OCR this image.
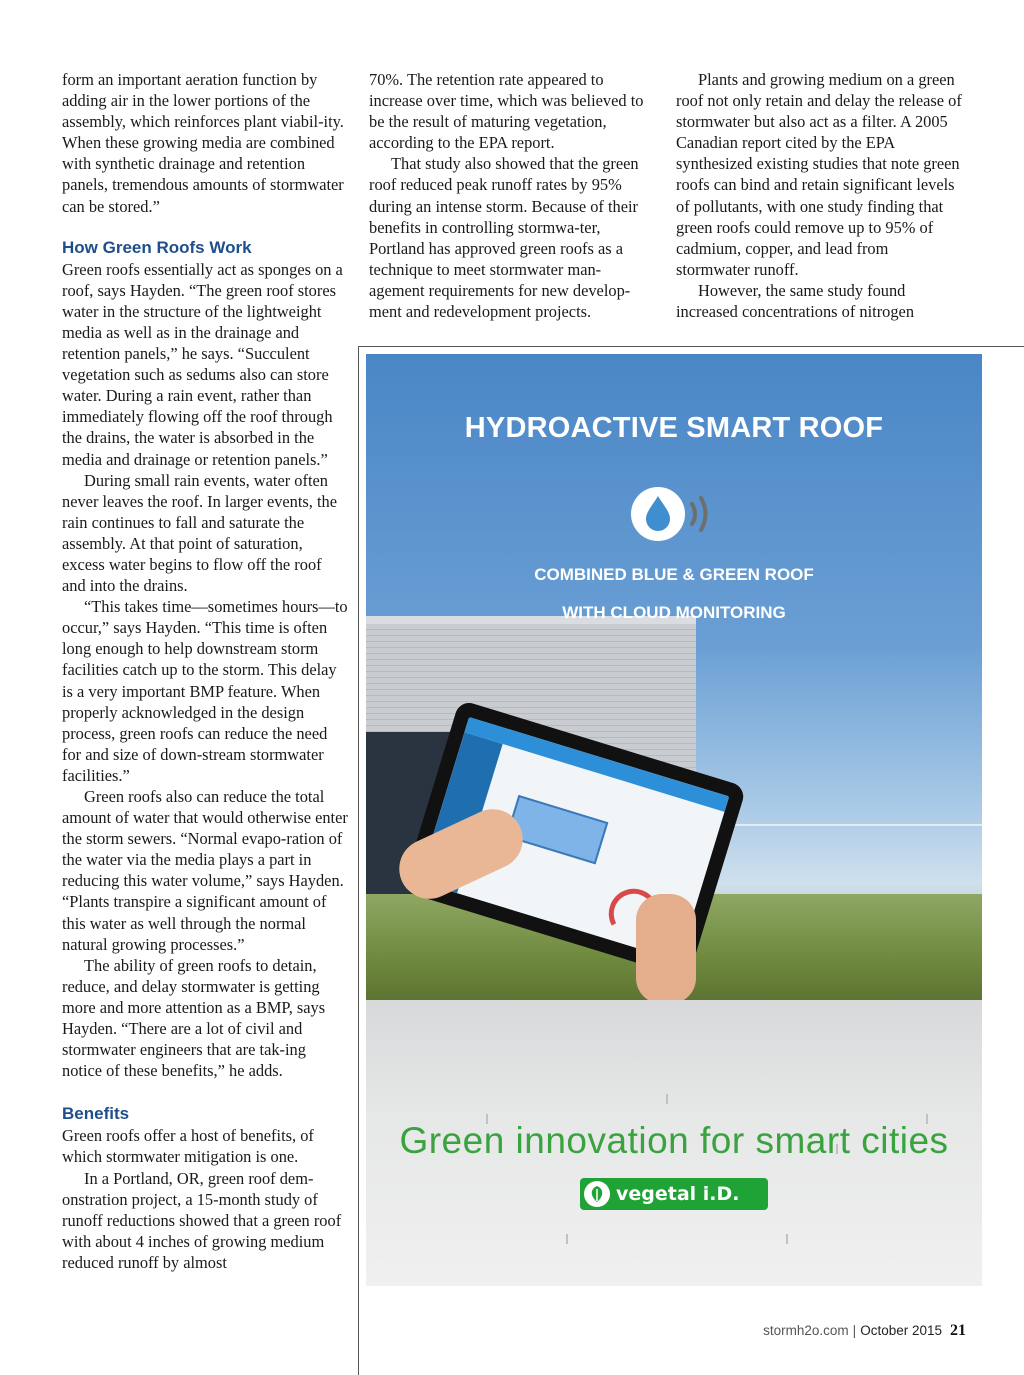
form an important aeration function by adding air in the lower portions of the assembly, which reinforces plant viabil-ity. When these growing media are combined with synthetic drainage and retention panels, tremendous amounts of stormwater can be stored.”

How Green Roofs Work

Green roofs essentially act as sponges on a roof, says Hayden. “The green roof stores water in the structure of the lightweight media as well as in the drainage and retention panels,” he says. “Succulent vegetation such as sedums also can store water. During a rain event, rather than immediately flowing off the roof through the drains, the water is absorbed in the media and drainage or retention panels.”

During small rain events, water often never leaves the roof. In larger events, the rain continues to fall and saturate the assembly. At that point of saturation, excess water begins to flow off the roof and into the drains.

“This takes time—sometimes hours—to occur,” says Hayden. “This time is often long enough to help downstream storm facilities catch up to the storm. This delay is a very important BMP feature. When properly acknowledged in the design process, green roofs can reduce the need for and size of down-stream stormwater facilities.”

Green roofs also can reduce the total amount of water that would otherwise enter the storm sewers. “Normal evapo-ration of the water via the media plays a part in reducing this water volume,” says Hayden. “Plants transpire a significant amount of this water as well through the normal natural growing processes.”

The ability of green roofs to detain, reduce, and delay stormwater is getting more and more attention as a BMP, says Hayden. “There are a lot of civil and stormwater engineers that are tak-ing notice of these benefits,” he adds.

Benefits

Green roofs offer a host of benefits, of which stormwater mitigation is one.

In a Portland, OR, green roof dem-onstration project, a 15-month study of runoff reductions showed that a green roof with about 4 inches of growing medium reduced runoff by almost

70%. The retention rate appeared to increase over time, which was believed to be the result of maturing vegetation, according to the EPA report.

That study also showed that the green roof reduced peak runoff rates by 95% during an intense storm. Because of their benefits in controlling stormwa-ter, Portland has approved green roofs as a technique to meet stormwater man-agement requirements for new develop-ment and redevelopment projects.

Plants and growing medium on a green roof not only retain and delay the release of stormwater but also act as a filter. A 2005 Canadian report cited by the EPA synthesized existing studies that note green roofs can bind and retain significant levels of pollutants, with one study finding that green roofs could remove up to 95% of cadmium, copper, and lead from stormwater runoff.

However, the same study found increased concentrations of nitrogen

HYDROACTIVE SMART ROOF
COMBINED BLUE & GREEN ROOF
WITH CLOUD MONITORING
Green innovation for smart cities
vegetal i.D.
stormh2o.com | October 2015 21
